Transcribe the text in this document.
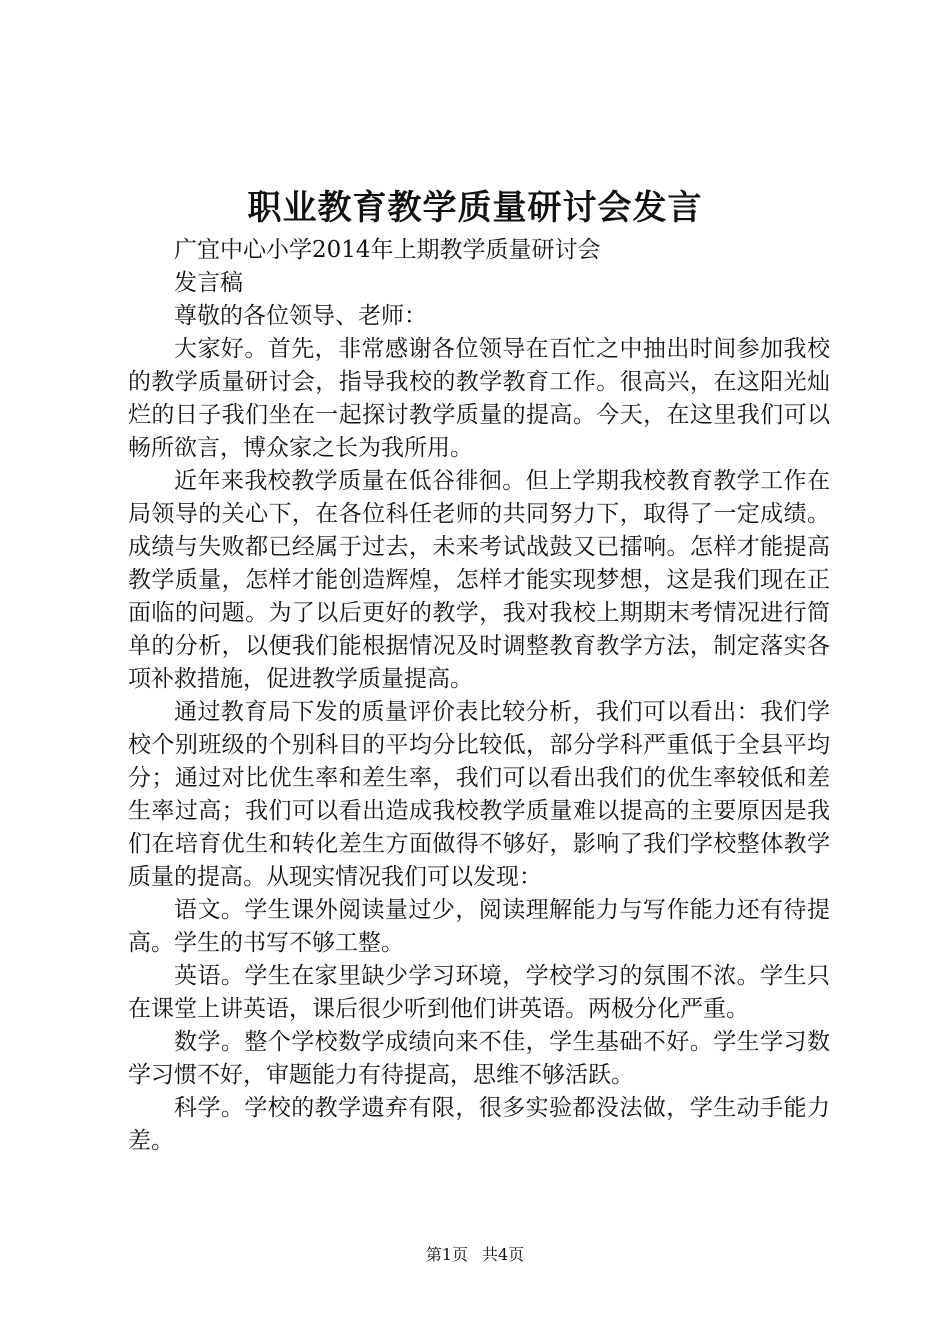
职业教育教学质量研讨会发言

广宜中心小学2014年上期教学质量研讨会

发言稿

尊敬的各位领导、老师：

大家好。首先，非常感谢各位领导在百忙之中抽出时间参加我校的教学质量研讨会，指导我校的教学教育工作。很高兴，在这阳光灿烂的日子我们坐在一起探讨教学质量的提高。今天，在这里我们可以畅所欲言，博众家之长为我所用。

近年来我校教学质量在低谷徘徊。但上学期我校教育教学工作在局领导的关心下，在各位科任老师的共同努力下，取得了一定成绩。成绩与失败都已经属于过去，未来考试战鼓又已擂响。怎样才能提高教学质量，怎样才能创造辉煌，怎样才能实现梦想，这是我们现在正面临的问题。为了以后更好的教学，我对我校上期期末考情况进行简单的分析，以便我们能根据情况及时调整教育教学方法，制定落实各项补救措施，促进教学质量提高。

通过教育局下发的质量评价表比较分析，我们可以看出：我们学校个别班级的个别科目的平均分比较低，部分学科严重低于全县平均分；通过对比优生率和差生率，我们可以看出我们的优生率较低和差生率过高；我们可以看出造成我校教学质量难以提高的主要原因是我们在培育优生和转化差生方面做得不够好，影响了我们学校整体教学质量的提高。从现实情况我们可以发现：

语文。学生课外阅读量过少，阅读理解能力与写作能力还有待提高。学生的书写不够工整。

英语。学生在家里缺少学习环境，学校学习的氛围不浓。学生只在课堂上讲英语，课后很少听到他们讲英语。两极分化严重。

数学。整个学校数学成绩向来不佳，学生基础不好。学生学习数学习惯不好，审题能力有待提高，思维不够活跃。

科学。学校的教学遗弃有限，很多实验都没法做，学生动手能力差。

第1页 共4页
